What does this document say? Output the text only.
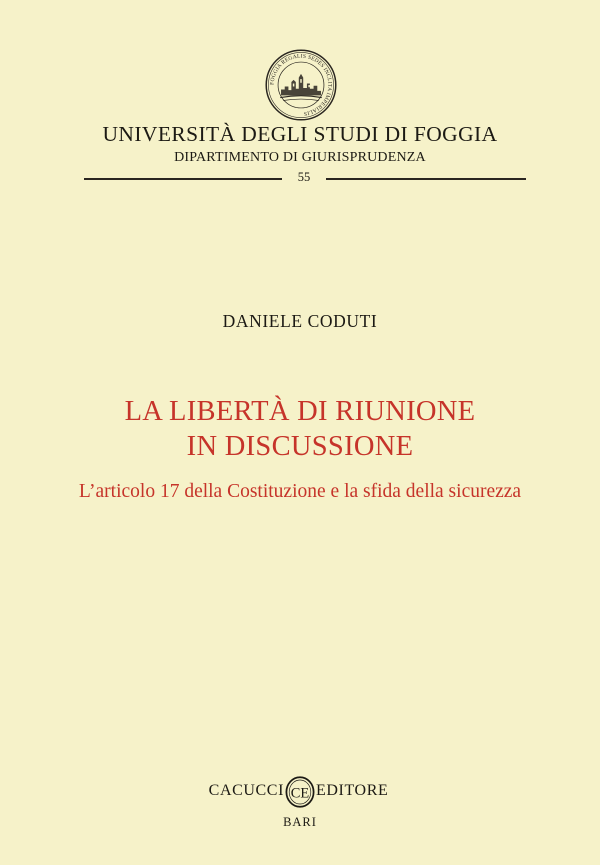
FOGGIA REGALIS SEDES INCLITA IMPERIALIS
UNIVERSITÀ DEGLI STUDI DI FOGGIA
DIPARTIMENTO DI GIURISPRUDENZA
55
DANIELE CODUTI
LA LIBERTÀ DI RIUNIONE
IN DISCUSSIONE
L’articolo 17 della Costituzione e la sfida della sicurezza
CACUCCI CE EDITORE
BARI
